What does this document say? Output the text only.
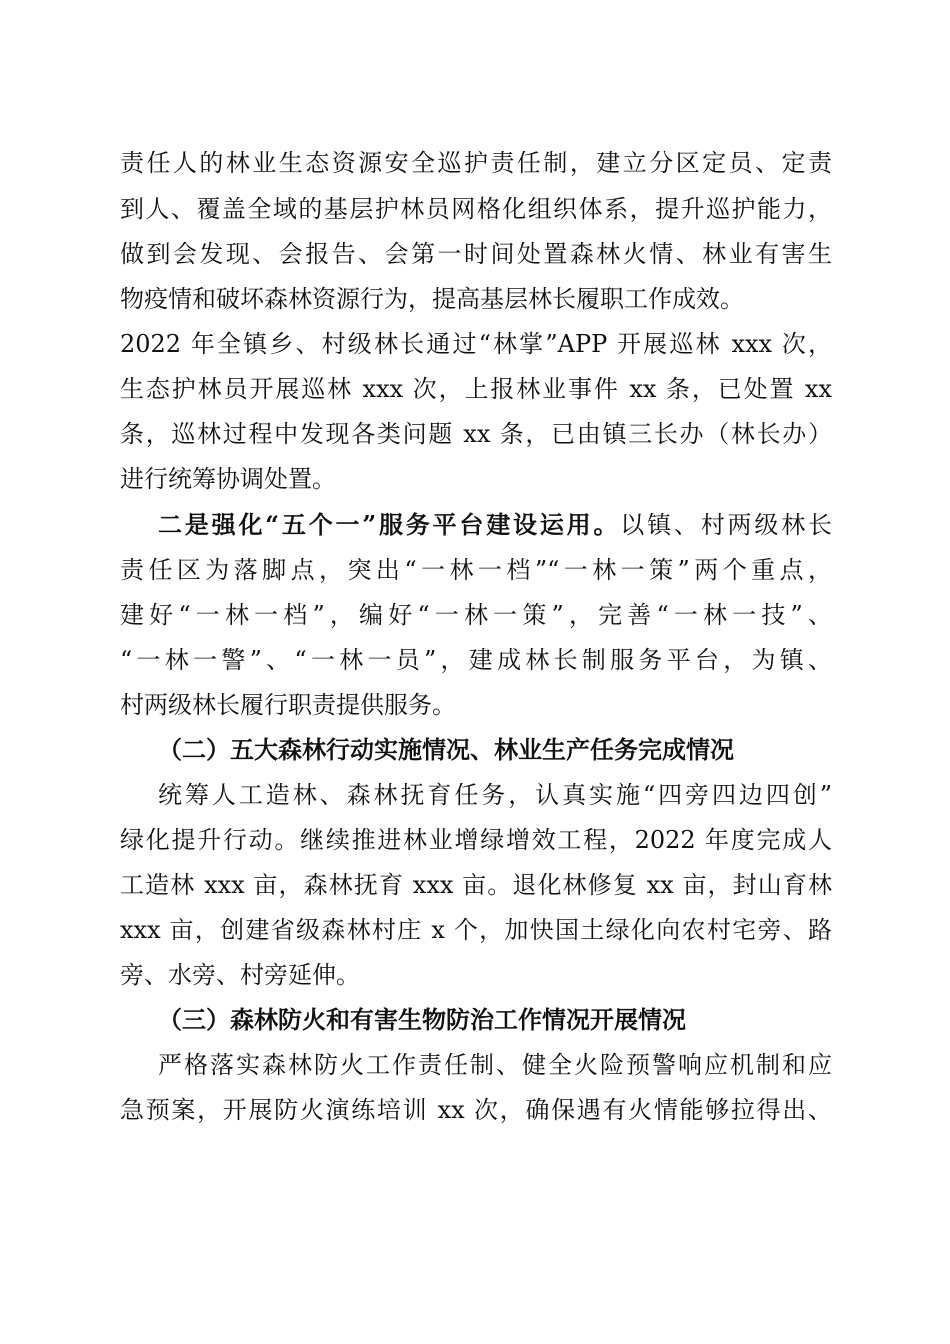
责任人的林业生态资源安全巡护责任制，建立分区定员、定责
到人、覆盖全域的基层护林员网格化组织体系，提升巡护能力，
做到会发现、会报告、会第一时间处置森林火情、林业有害生
物疫情和破坏森林资源行为，提高基层林长履职工作成效。
2022 年全镇乡、村级林长通过“林掌”APP 开展巡林 xxx 次，
生态护林员开展巡林 xxx 次，上报林业事件 xx 条，已处置 xx
条，巡林过程中发现各类问题 xx 条，已由镇三长办（林长办）
进行统筹协调处置。
二是强化“五个一”服务平台建设运用。以镇、村两级林长
责任区为落脚点，突出“一林一档”“一林一策”两个重点，
建好“一林一档”，编好“一林一策”，完善“一林一技”、
“一林一警”、“一林一员”，建成林长制服务平台，为镇、
村两级林长履行职责提供服务。
（二）五大森林行动实施情况、林业生产任务完成情况
统筹人工造林、森林抚育任务，认真实施“四旁四边四创”
绿化提升行动。继续推进林业增绿增效工程，2022 年度完成人
工造林 xxx 亩，森林抚育 xxx 亩。退化林修复 xx 亩，封山育林
xxx 亩，创建省级森林村庄 x 个，加快国土绿化向农村宅旁、路
旁、水旁、村旁延伸。
（三）森林防火和有害生物防治工作情况开展情况
严格落实森林防火工作责任制、健全火险预警响应机制和应
急预案，开展防火演练培训 xx 次，确保遇有火情能够拉得出、
